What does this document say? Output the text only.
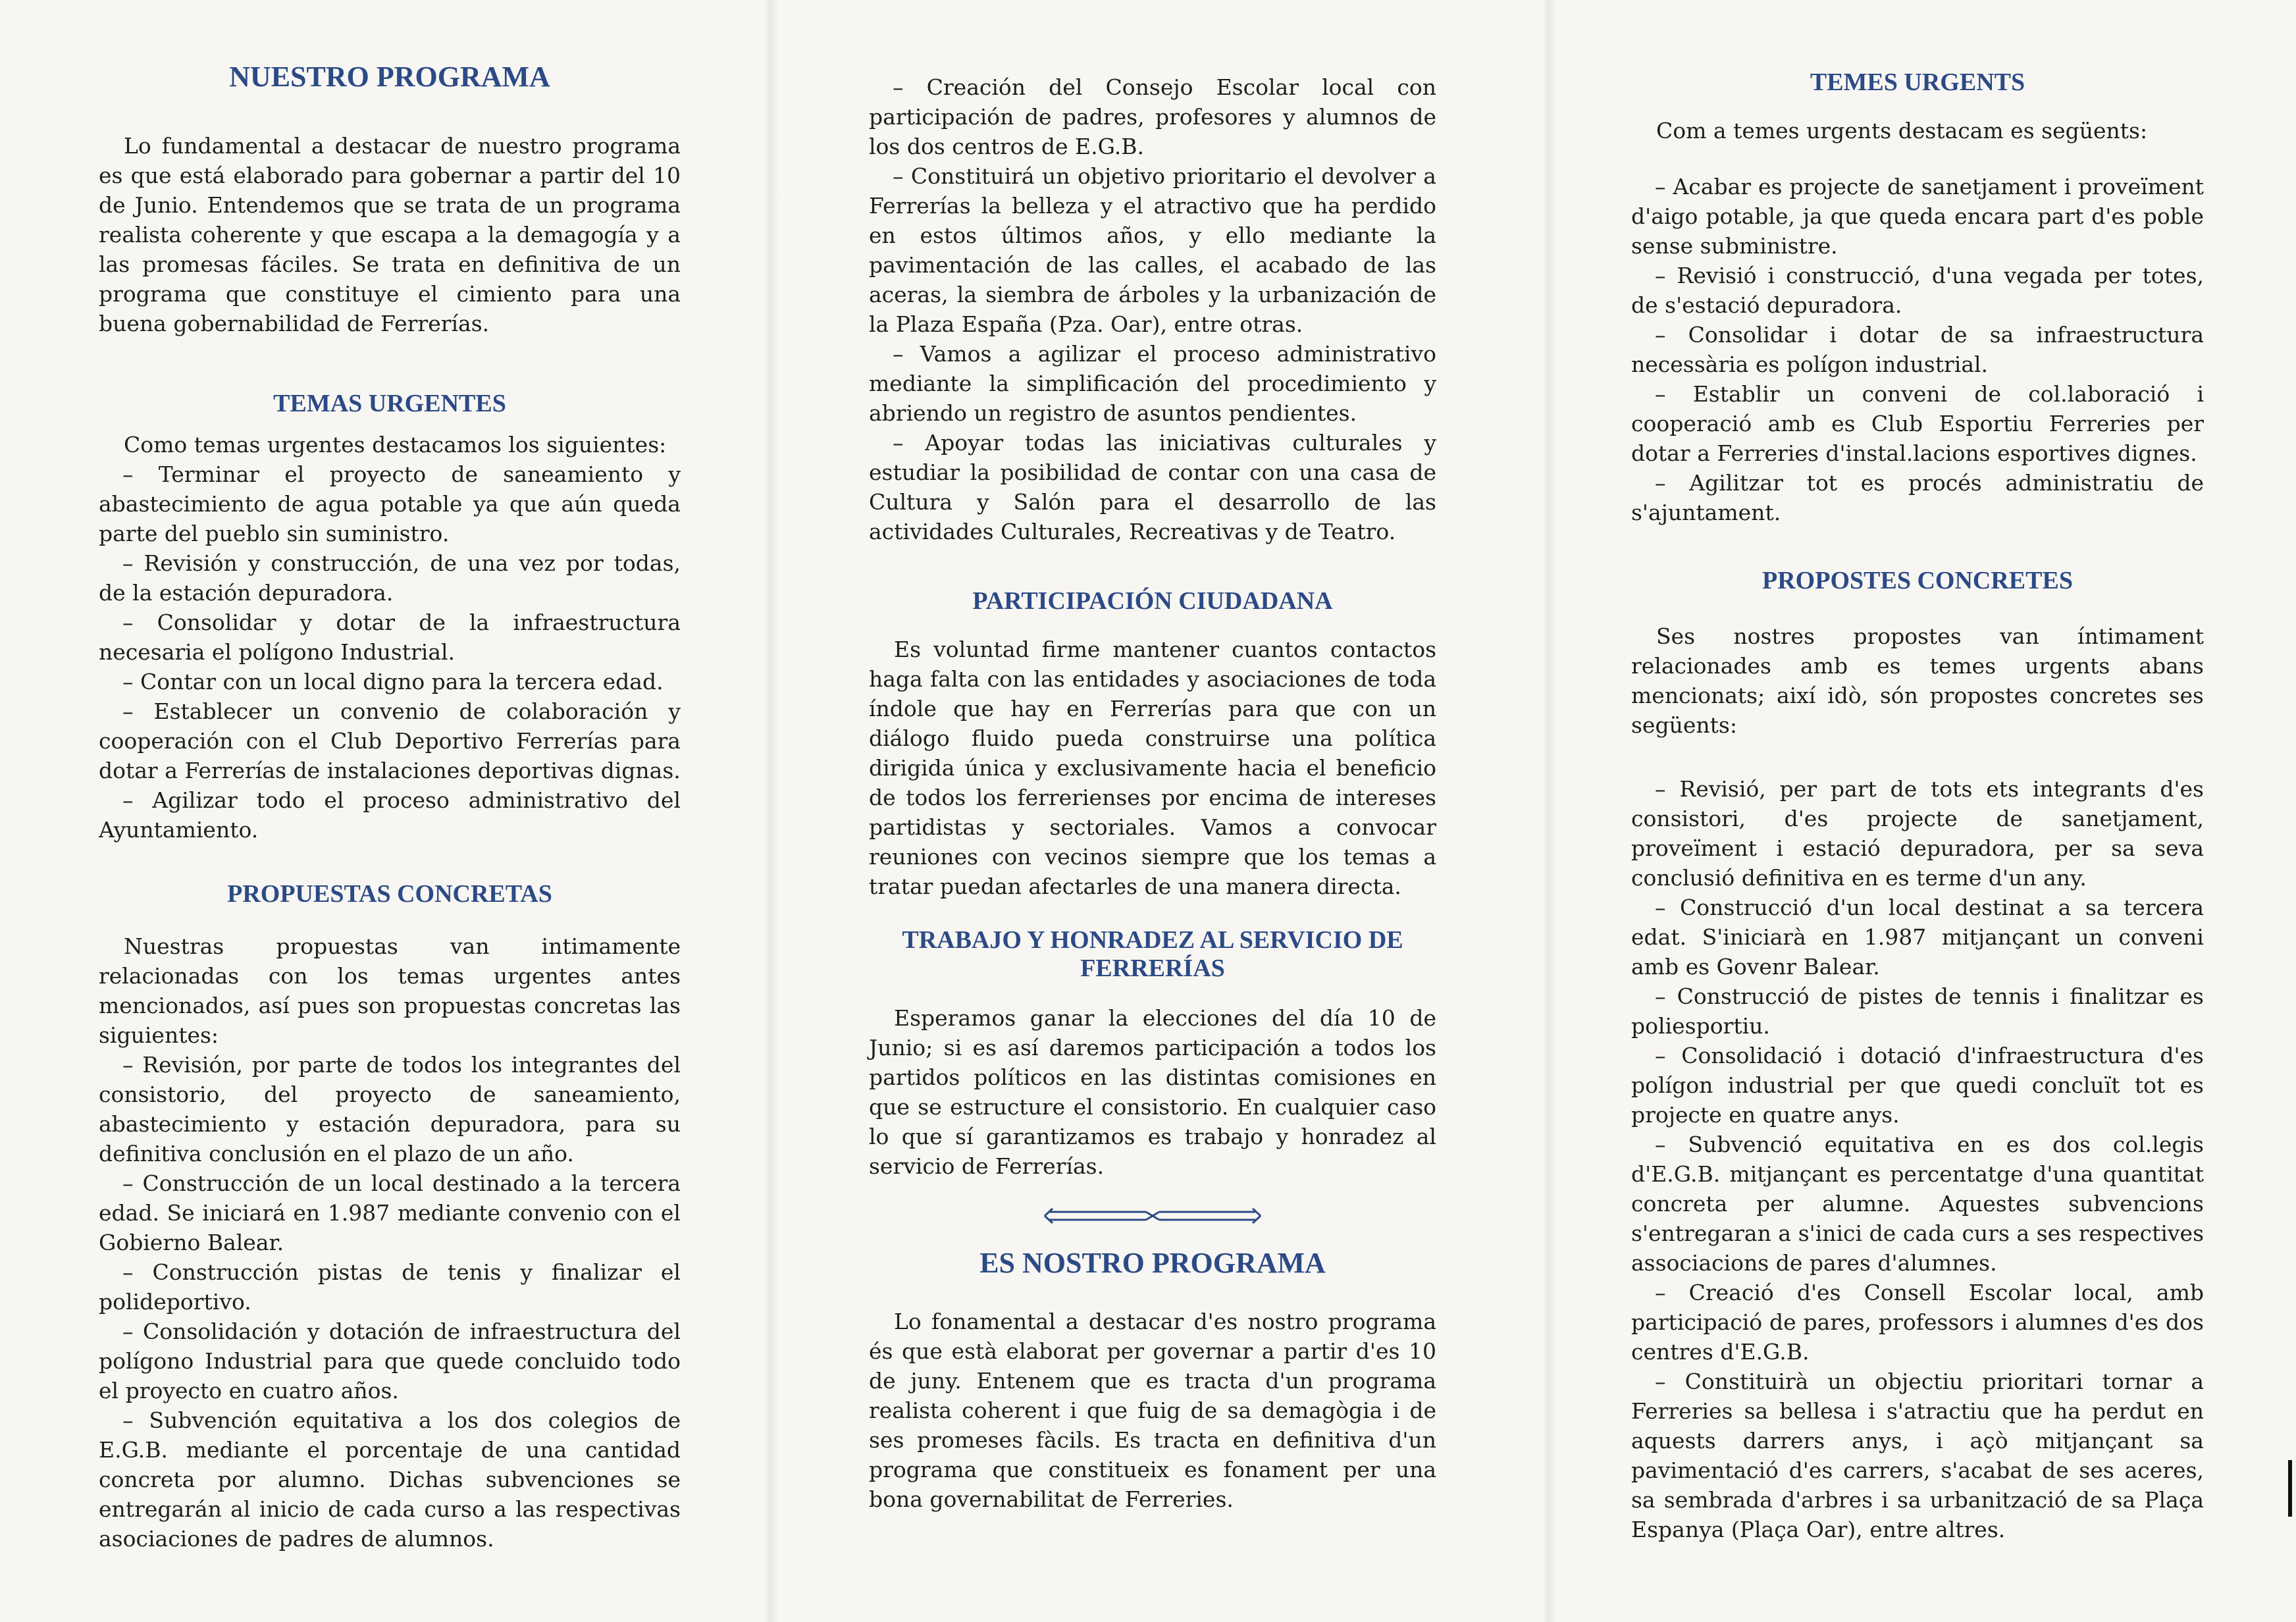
NUESTRO PROGRAMA

Lo fundamental a destacar de nuestro programa es que está elaborado para gobernar a partir del 10 de Junio. Entendemos que se trata de un programa realista coherente y que escapa a la demagogía y a las promesas fáciles. Se trata en definitiva de un programa que constituye el cimiento para una buena gobernabilidad de Ferrerías.

TEMAS URGENTES

Como temas urgentes destacamos los siguientes:

– Terminar el proyecto de saneamiento y abastecimiento de agua potable ya que aún queda parte del pueblo sin suministro.

– Revisión y construcción, de una vez por todas, de la estación depuradora.

– Consolidar y dotar de la infraestructura necesaria el polígono Industrial.

– Contar con un local digno para la tercera edad.

– Establecer un convenio de colaboración y cooperación con el Club Deportivo Ferrerías para dotar a Ferrerías de instalaciones deportivas dignas.

– Agilizar todo el proceso administrativo del Ayuntamiento.

PROPUESTAS CONCRETAS

Nuestras propuestas van intimamente relacionadas con los temas urgentes antes mencionados, así pues son propuestas concretas las siguientes:

– Revisión, por parte de todos los integrantes del consistorio, del proyecto de saneamiento, abastecimiento y estación depuradora, para su definitiva conclusión en el plazo de un año.

– Construcción de un local destinado a la tercera edad. Se iniciará en 1.987 mediante convenio con el Gobierno Balear.

– Construcción pistas de tenis y finalizar el polideportivo.

– Consolidación y dotación de infraestructura del polígono Industrial para que quede concluido todo el proyecto en cuatro años.

– Subvención equitativa a los dos colegios de E.G.B. mediante el porcentaje de una cantidad concreta por alumno. Dichas subvenciones se entregarán al inicio de cada curso a las respectivas asociaciones de padres de alumnos.

– Creación del Consejo Escolar local con participación de padres, profesores y alumnos de los dos centros de E.G.B.

– Constituirá un objetivo prioritario el devolver a Ferrerías la belleza y el atractivo que ha perdido en estos últimos años, y ello mediante la pavimentación de las calles, el acabado de las aceras, la siembra de árboles y la urbanización de la Plaza España (Pza. Oar), entre otras.

– Vamos a agilizar el proceso administrativo mediante la simplificación del procedimiento y abriendo un registro de asuntos pendientes.

– Apoyar todas las iniciativas culturales y estudiar la posibilidad de contar con una casa de Cultura y Salón para el desarrollo de las actividades Culturales, Recreativas y de Teatro.

PARTICIPACIÓN CIUDADANA

Es voluntad firme mantener cuantos contactos haga falta con las entidades y asociaciones de toda índole que hay en Ferrerías para que con un diálogo fluido pueda construirse una política dirigida única y exclusivamente hacia el beneficio de todos los ferrerienses por encima de intereses partidistas y sectoriales. Vamos a convocar reuniones con vecinos siempre que los temas a tratar puedan afectarles de una manera directa.

TRABAJO Y HONRADEZ AL SERVICIO DE FERRERÍAS

Esperamos ganar la elecciones del día 10 de Junio; si es así daremos participación a todos los partidos políticos en las distintas comisiones en que se estructure el consistorio. En cualquier caso lo que sí garantizamos es trabajo y honradez al servicio de Ferrerías.

ES NOSTRO PROGRAMA

Lo fonamental a destacar d'es nostro programa és que està elaborat per governar a partir d'es 10 de juny. Entenem que es tracta d'un programa realista coherent i que fuig de sa demagògia i de ses promeses fàcils. Es tracta en definitiva d'un programa que constitueix es fonament per una bona governabilitat de Ferreries.

TEMES URGENTS

Com a temes urgents destacam es següents:

– Acabar es projecte de sanetjament i proveïment d'aigo potable, ja que queda encara part d'es poble sense subministre.

– Revisió i construcció, d'una vegada per totes, de s'estació depuradora.

– Consolidar i dotar de sa infraestructura necessària es polígon industrial.

– Establir un conveni de col.laboració i cooperació amb es Club Esportiu Ferreries per dotar a Ferreries d'instal.lacions esportives dignes.

– Agilitzar tot es procés administratiu de s'ajuntament.

PROPOSTES CONCRETES

Ses nostres propostes van íntimament relacionades amb es temes urgents abans mencionats; així idò, són propostes concretes ses següents:

– Revisió, per part de tots ets integrants d'es consistori, d'es projecte de sanetjament, proveïment i estació depuradora, per sa seva conclusió definitiva en es terme d'un any.

– Construcció d'un local destinat a sa tercera edat. S'iniciarà en 1.987 mitjançant un conveni amb es Govenr Balear.

– Construcció de pistes de tennis i finalitzar es poliesportiu.

– Consolidació i dotació d'infraestructura d'es polígon industrial per que quedi concluït tot es projecte en quatre anys.

– Subvenció equitativa en es dos col.legis d'E.G.B. mitjançant es percentatge d'una quantitat concreta per alumne. Aquestes subvencions s'entregaran a s'inici de cada curs a ses respectives associacions de pares d'alumnes.

– Creació d'es Consell Escolar local, amb participació de pares, professors i alumnes d'es dos centres d'E.G.B.

– Constituirà un objectiu prioritari tornar a Ferreries sa bellesa i s'atractiu que ha perdut en aquests darrers anys, i açò mitjançant sa pavimentació d'es carrers, s'acabat de ses aceres, sa sembrada d'arbres i sa urbanització de sa Plaça Espanya (Plaça Oar), entre altres.
